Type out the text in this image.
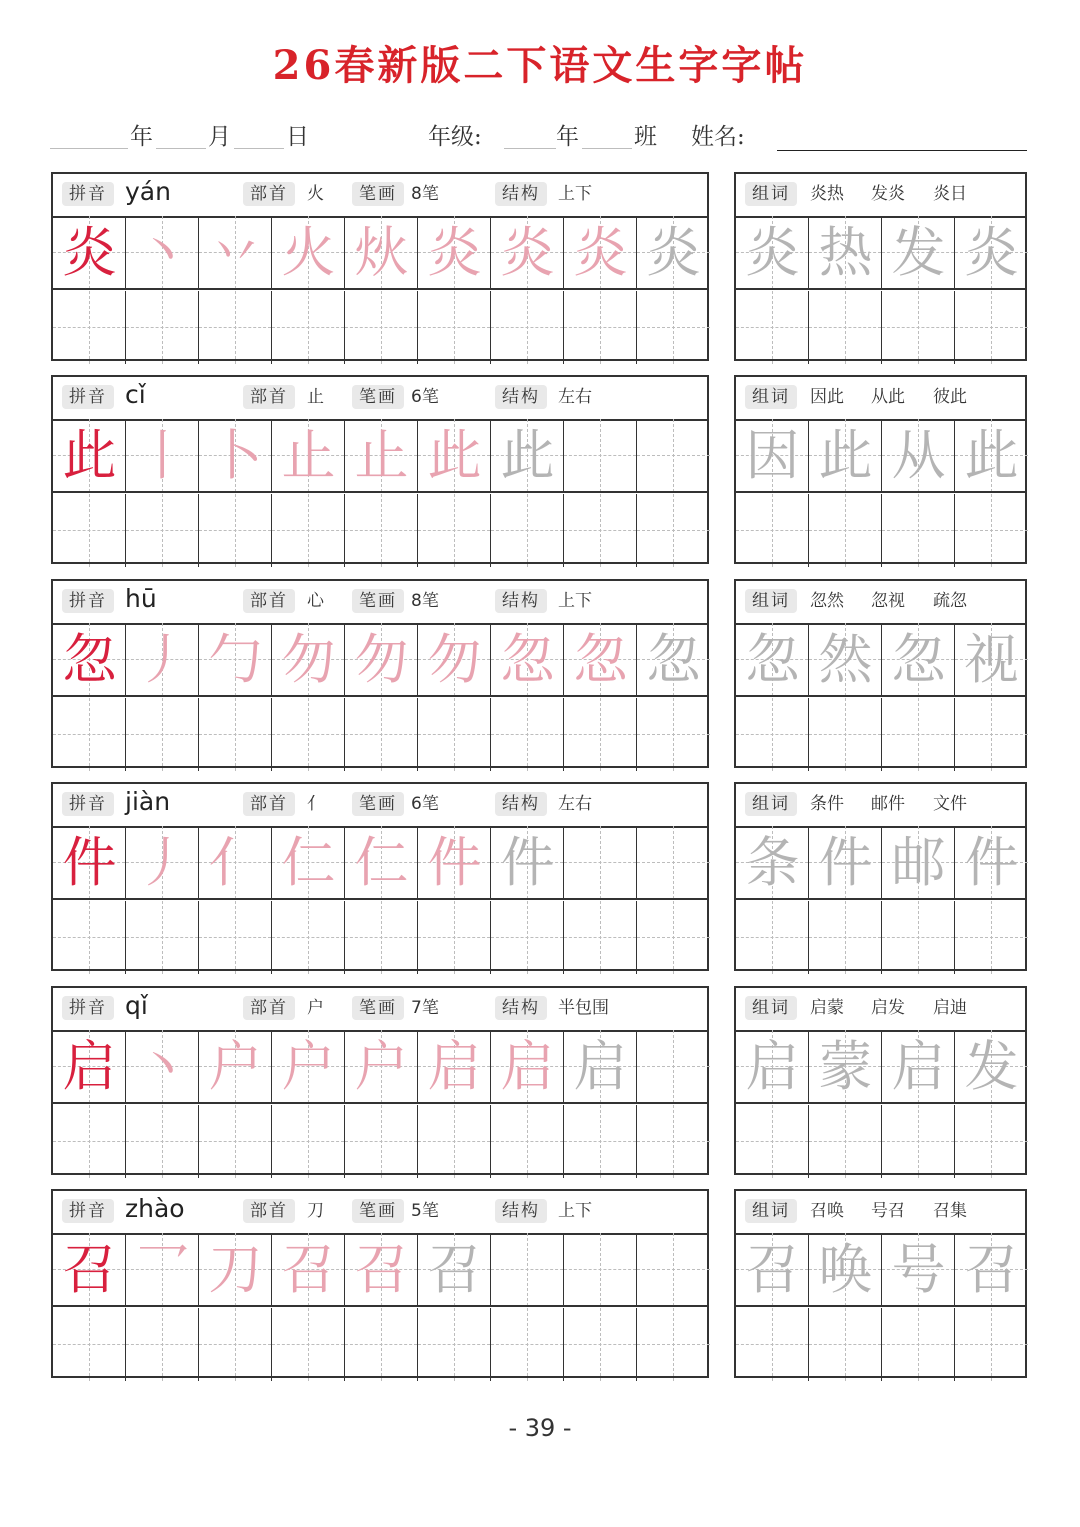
26春新版二下语文生字字帖
年 月 日	年级:	年 班 姓名:
拼音 yán	部首	火	笔画 8笔	结构	上下
炎 丶 丷 火 炏 炎 炎 炎 炎
组词	炎热 发炎 炎日
炎 热 发 炎
拼音 cǐ	部首	止	笔画 6笔	结构	左右
此 丨 卜 止 止 此 此
组词	因此 从此 彼此
因 此 从 此
拼音 hū	部首	心	笔画 8笔	结构	上下
忽 丿 勹 勿 勿 勿 忽 忽 忽
组词	忽然 忽视 疏忽
忽 然 忽 视
拼音 jiàn	部首	亻	笔画 6笔	结构	左右
件 丿 亻 仁 仁 件 件
组词	条件 邮件 文件
条 件 邮 件
拼音 qǐ	部首	户	笔画 7笔	结构	半包围
启 丶 户 户 户 启 启 启
组词	启蒙 启发 启迪
启 蒙 启 发
拼音 zhào	部首	刀	笔画 5笔	结构	上下
召 乛 刀 召 召 召
组词	召唤 号召 召集
召 唤 号 召
- 39 -
